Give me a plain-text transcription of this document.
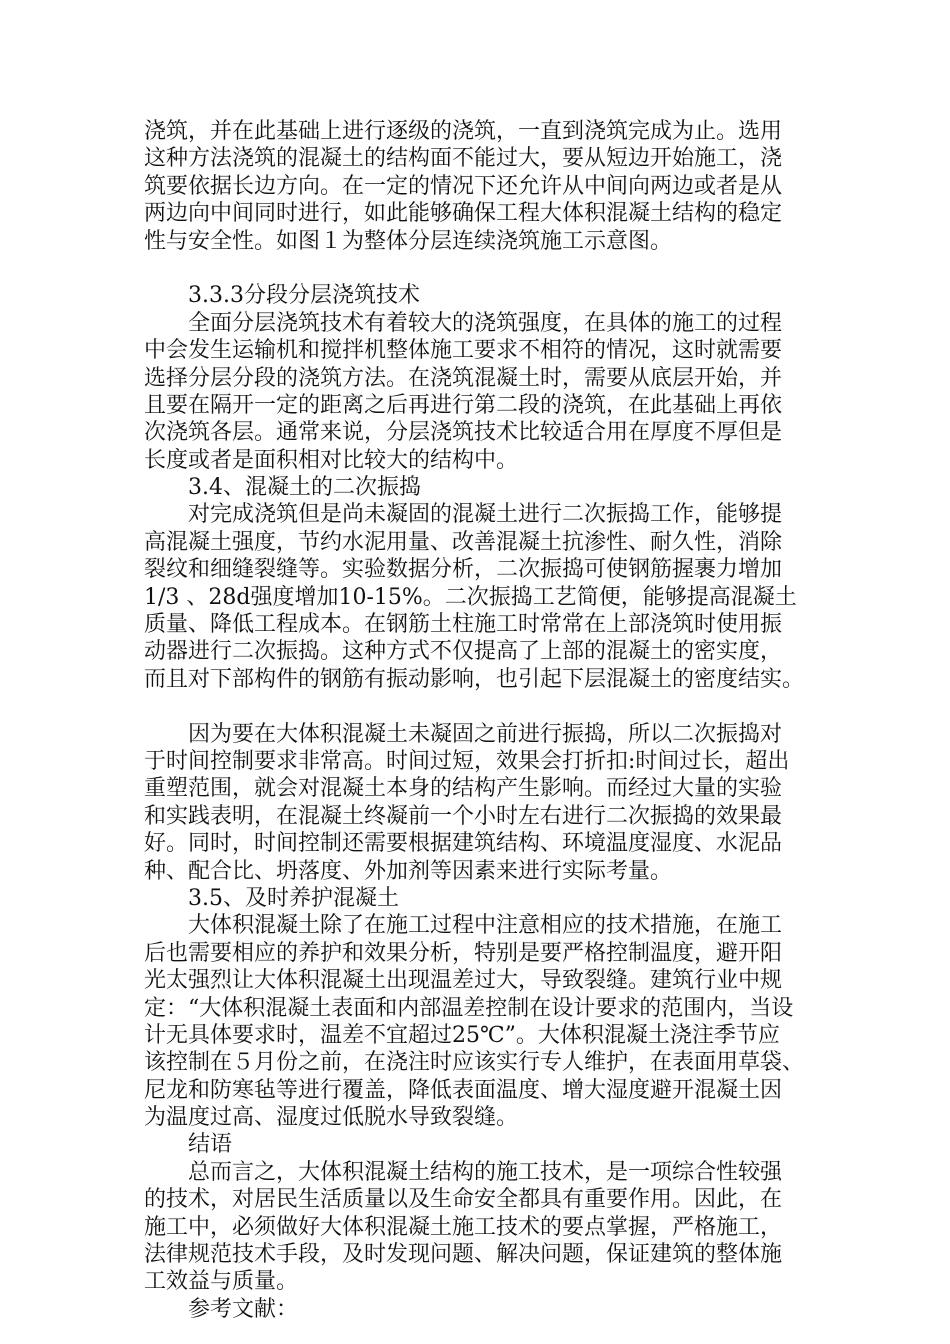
浇筑，并在此基础上进行逐级的浇筑，一直到浇筑完成为止。选用
这种方法浇筑的混凝土的结构面不能过大，要从短边开始施工，浇
筑要依据长边方向。在一定的情况下还允许从中间向两边或者是从
两边向中间同时进行，如此能够确保工程大体积混凝土结构的稳定
性与安全性。如图１为整体分层连续浇筑施工示意图。
3.3.3分段分层浇筑技术
全面分层浇筑技术有着较大的浇筑强度，在具体的施工的过程
中会发生运输机和搅拌机整体施工要求不相符的情况，这时就需要
选择分层分段的浇筑方法。在浇筑混凝土时，需要从底层开始，并
且要在隔开一定的距离之后再进行第二段的浇筑，在此基础上再依
次浇筑各层。通常来说，分层浇筑技术比较适合用在厚度不厚但是
长度或者是面积相对比较大的结构中。
3.4、混凝土的二次振捣
对完成浇筑但是尚未凝固的混凝土进行二次振捣工作，能够提
高混凝土强度，节约水泥用量、改善混凝土抗渗性、耐久性，消除
裂纹和细缝裂缝等。实验数据分析，二次振捣可使钢筋握裹力增加
1/3 、28d强度增加10-15%。二次振捣工艺简便，能够提高混凝土
质量、降低工程成本。在钢筋土柱施工时常常在上部浇筑时使用振
动器进行二次振捣。这种方式不仅提高了上部的混凝土的密实度，
而且对下部构件的钢筋有振动影响，也引起下层混凝土的密度结实。
因为要在大体积混凝土未凝固之前进行振捣，所以二次振捣对
于时间控制要求非常高。时间过短，效果会打折扣:时间过长，超出
重塑范围，就会对混凝土本身的结构产生影响。而经过大量的实验
和实践表明，在混凝土终凝前一个小时左右进行二次振捣的效果最
好。同时，时间控制还需要根据建筑结构、环境温度湿度、水泥品
种、配合比、坍落度、外加剂等因素来进行实际考量。
3.5、及时养护混凝土
大体积混凝土除了在施工过程中注意相应的技术措施，在施工
后也需要相应的养护和效果分析，特别是要严格控制温度，避开阳
光太强烈让大体积混凝土出现温差过大，导致裂缝。建筑行业中规
定：“大体积混凝土表面和内部温差控制在设计要求的范围内，当设
计无具体要求时，温差不宜超过25℃”。大体积混凝土浇注季节应
该控制在５月份之前，在浇注时应该实行专人维护，在表面用草袋、
尼龙和防寒毡等进行覆盖，降低表面温度、增大湿度避开混凝土因
为温度过高、湿度过低脱水导致裂缝。
结语
总而言之，大体积混凝土结构的施工技术，是一项综合性较强
的技术，对居民生活质量以及生命安全都具有重要作用。因此，在
施工中，必须做好大体积混凝土施工技术的要点掌握，严格施工，
法律规范技术手段，及时发现问题、解决问题，保证建筑的整体施
工效益与质量。
参考文献：
